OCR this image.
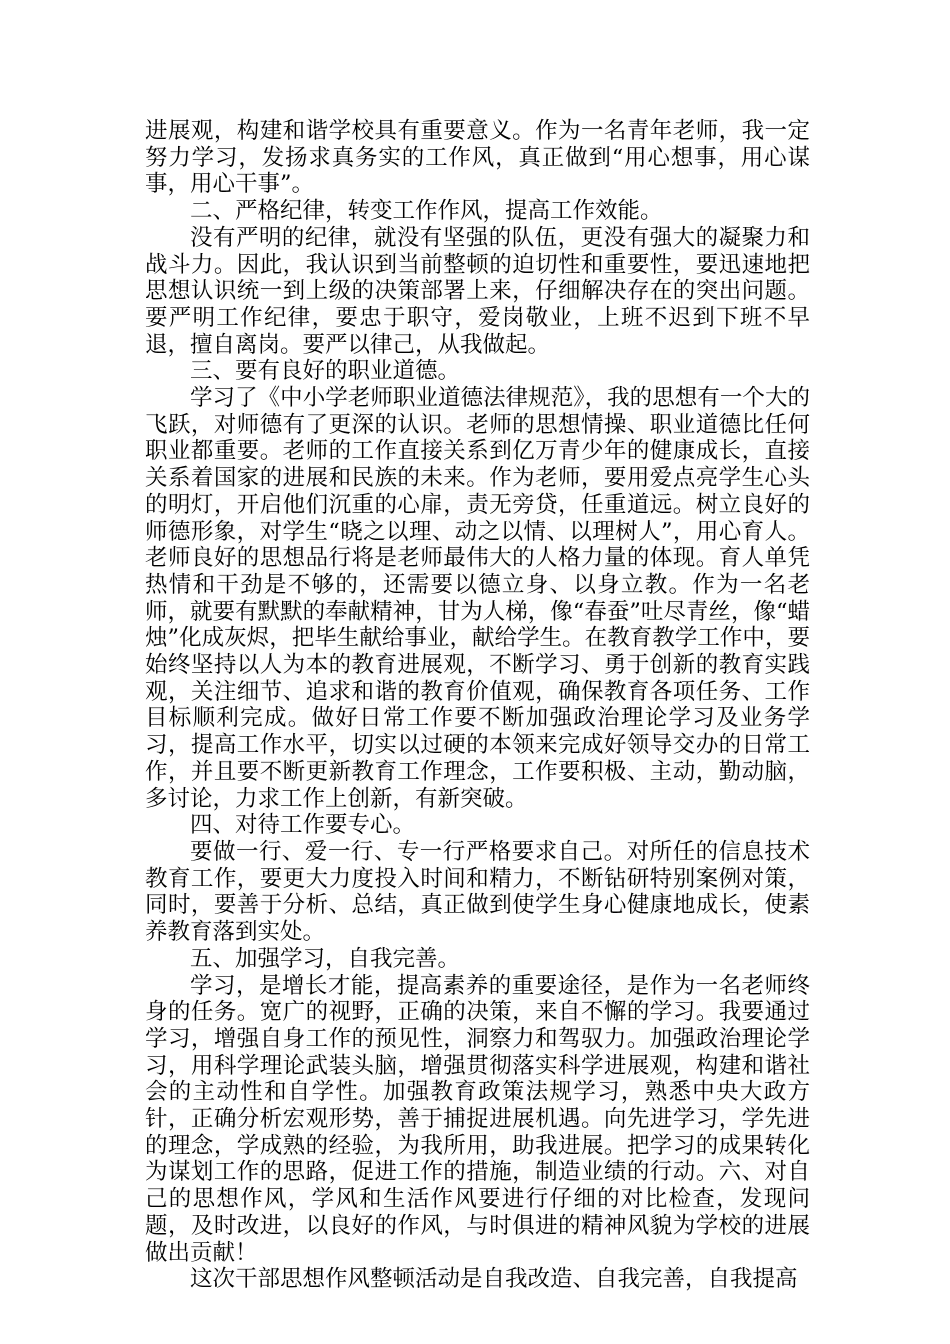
进展观，构建和谐学校具有重要意义。作为一名青年老师，我一定努力学习，发扬求真务实的工作风，真正做到“用心想事，用心谋事，用心干事”。

二、严格纪律，转变工作作风，提高工作效能。

没有严明的纪律，就没有坚强的队伍，更没有强大的凝聚力和战斗力。因此，我认识到当前整顿的迫切性和重要性，要迅速地把思想认识统一到上级的决策部署上来，仔细解决存在的突出问题。要严明工作纪律，要忠于职守，爱岗敬业，上班不迟到下班不早退，擅自离岗。要严以律己，从我做起。

三、要有良好的职业道德。

学习了《中小学老师职业道德法律规范》，我的思想有一个大的飞跃，对师德有了更深的认识。老师的思想情操、职业道德比任何职业都重要。老师的工作直接关系到亿万青少年的健康成长，直接关系着国家的进展和民族的未来。作为老师，要用爱点亮学生心头的明灯，开启他们沉重的心扉，责无旁贷，任重道远。树立良好的师德形象，对学生“晓之以理、动之以情、以理树人”，用心育人。老师良好的思想品行将是老师最伟大的人格力量的体现。育人单凭热情和干劲是不够的，还需要以德立身、以身立教。作为一名老师，就要有默默的奉献精神，甘为人梯，像“春蚕”吐尽青丝，像“蜡烛”化成灰烬，把毕生献给事业，献给学生。在教育教学工作中，要始终坚持以人为本的教育进展观，不断学习、勇于创新的教育实践观，关注细节、追求和谐的教育价值观，确保教育各项任务、工作目标顺利完成。做好日常工作要不断加强政治理论学习及业务学习，提高工作水平，切实以过硬的本领来完成好领导交办的日常工作，并且要不断更新教育工作理念，工作要积极、主动，勤动脑，多讨论，力求工作上创新，有新突破。

四、对待工作要专心。

要做一行、爱一行、专一行严格要求自己。对所任的信息技术教育工作，要更大力度投入时间和精力，不断钻研特别案例对策，同时，要善于分析、总结，真正做到使学生身心健康地成长，使素养教育落到实处。

五、加强学习，自我完善。

学习，是增长才能，提高素养的重要途径，是作为一名老师终身的任务。宽广的视野，正确的决策，来自不懈的学习。我要通过学习，增强自身工作的预见性，洞察力和驾驭力。加强政治理论学习，用科学理论武装头脑，增强贯彻落实科学进展观，构建和谐社会的主动性和自学性。加强教育政策法规学习，熟悉中央大政方针，正确分析宏观形势，善于捕捉进展机遇。向先进学习，学先进的理念，学成熟的经验，为我所用，助我进展。把学习的成果转化为谋划工作的思路，促进工作的措施，制造业绩的行动。六、对自己的思想作风，学风和生活作风要进行仔细的对比检查，发现问题，及时改进，以良好的作风，与时俱进的精神风貌为学校的进展做出贡献！

这次干部思想作风整顿活动是自我改造、自我完善，自我提高
